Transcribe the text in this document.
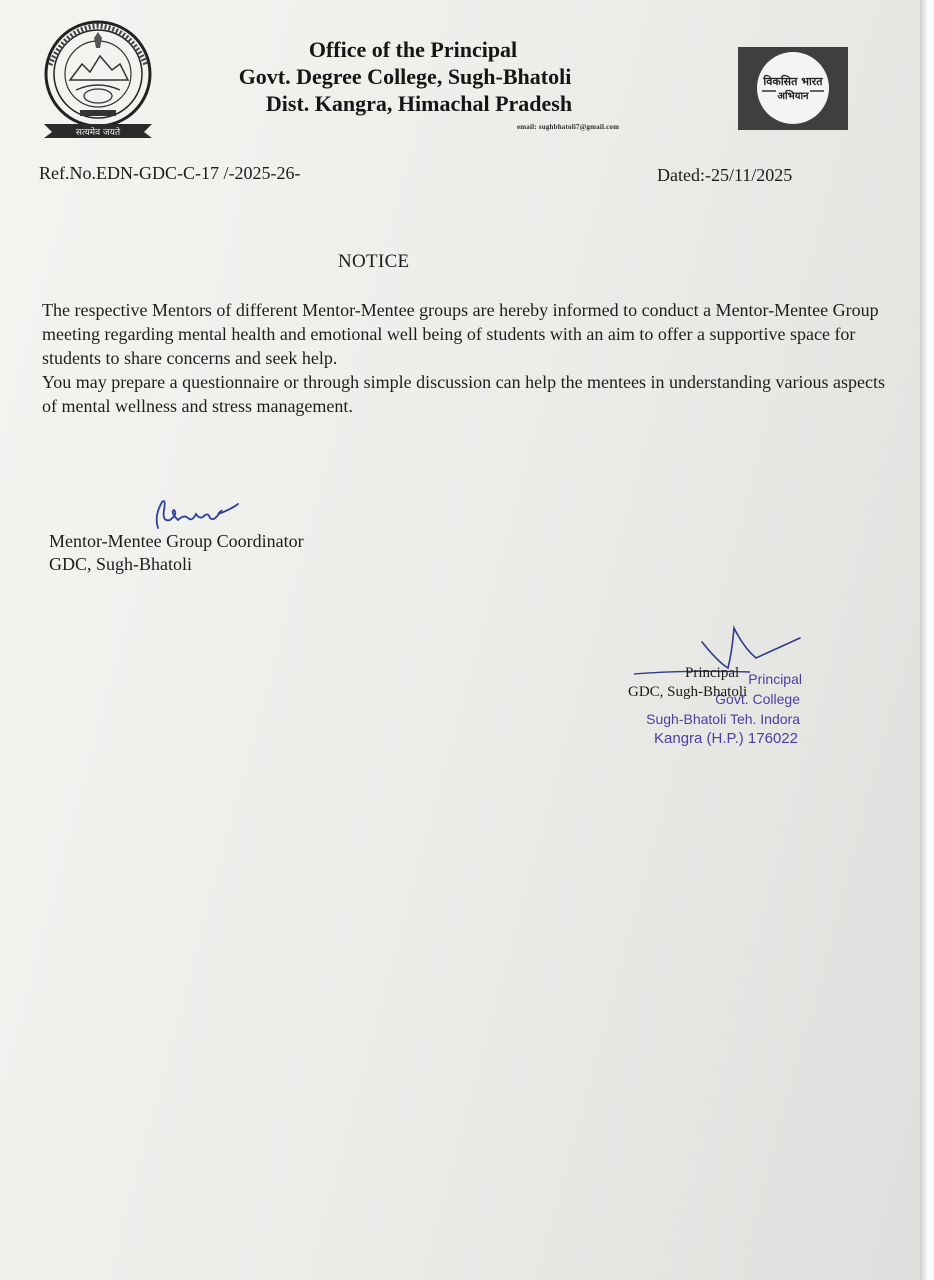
सत्यमेव जयते
Office of the Principal
Govt. Degree College, Sugh-Bhatoli
Dist. Kangra, Himachal Pradesh
email: sughbhatoli7@gmail.com
विकसित भारत
अभियान
Ref.No.EDN-GDC-C-17 /-2025-26-	Dated:-25/11/2025
NOTICE

The respective Mentors of different Mentor-Mentee groups are hereby informed to conduct a Mentor-Mentee Group meeting regarding mental health and emotional well being of students with an aim to offer a supportive space for students to share concerns and seek help.

You may prepare a questionnaire or through simple discussion can help the mentees in understanding various aspects of mental wellness and stress management.

Mentor-Mentee Group Coordinator
GDC, Sugh-Bhatoli
Principal
Govt. College
Sugh-Bhatoli Teh. Indora
Kangra (H.P.) 176022
Principal
GDC, Sugh-Bhatoli
